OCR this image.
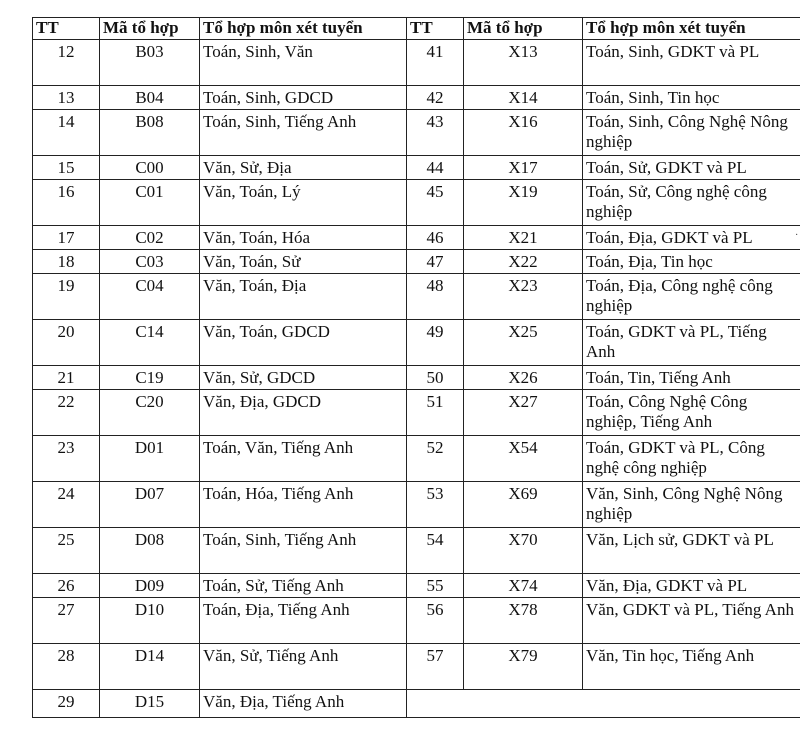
TT	Mã tổ hợp	Tổ hợp môn xét tuyển	TT	Mã tổ hợp	Tổ hợp môn xét tuyển
12	B03	Toán, Sinh, Văn	41	X13	Toán, Sinh, GDKT và PL
13	B04	Toán, Sinh, GDCD	42	X14	Toán, Sinh, Tin học
14	B08	Toán, Sinh, Tiếng Anh	43	X16	Toán, Sinh, Công Nghệ Nông nghiệp
15	C00	Văn, Sử, Địa	44	X17	Toán, Sử, GDKT và PL
16	C01	Văn, Toán, Lý	45	X19	Toán, Sử, Công nghệ công nghiệp
17	C02	Văn, Toán, Hóa	46	X21	Toán, Địa, GDKT và PL
18	C03	Văn, Toán, Sử	47	X22	Toán, Địa, Tin học
19	C04	Văn, Toán, Địa	48	X23	Toán, Địa, Công nghệ công nghiệp
20	C14	Văn, Toán, GDCD	49	X25	Toán, GDKT và PL, Tiếng Anh
21	C19	Văn, Sử, GDCD	50	X26	Toán, Tin, Tiếng Anh
22	C20	Văn, Địa, GDCD	51	X27	Toán, Công Nghệ Công nghiệp, Tiếng Anh
23	D01	Toán, Văn, Tiếng Anh	52	X54	Toán, GDKT và PL, Công nghệ công nghiệp
24	D07	Toán, Hóa, Tiếng Anh	53	X69	Văn, Sinh, Công Nghệ Nông nghiệp
25	D08	Toán, Sinh, Tiếng Anh	54	X70	Văn, Lịch sử, GDKT và PL
26	D09	Toán, Sử, Tiếng Anh	55	X74	Văn, Địa, GDKT và PL
27	D10	Toán, Địa, Tiếng Anh	56	X78	Văn, GDKT và PL, Tiếng Anh
28	D14	Văn, Sử, Tiếng Anh	57	X79	Văn, Tin học, Tiếng Anh
29	D15	Văn, Địa, Tiếng Anh			
·
